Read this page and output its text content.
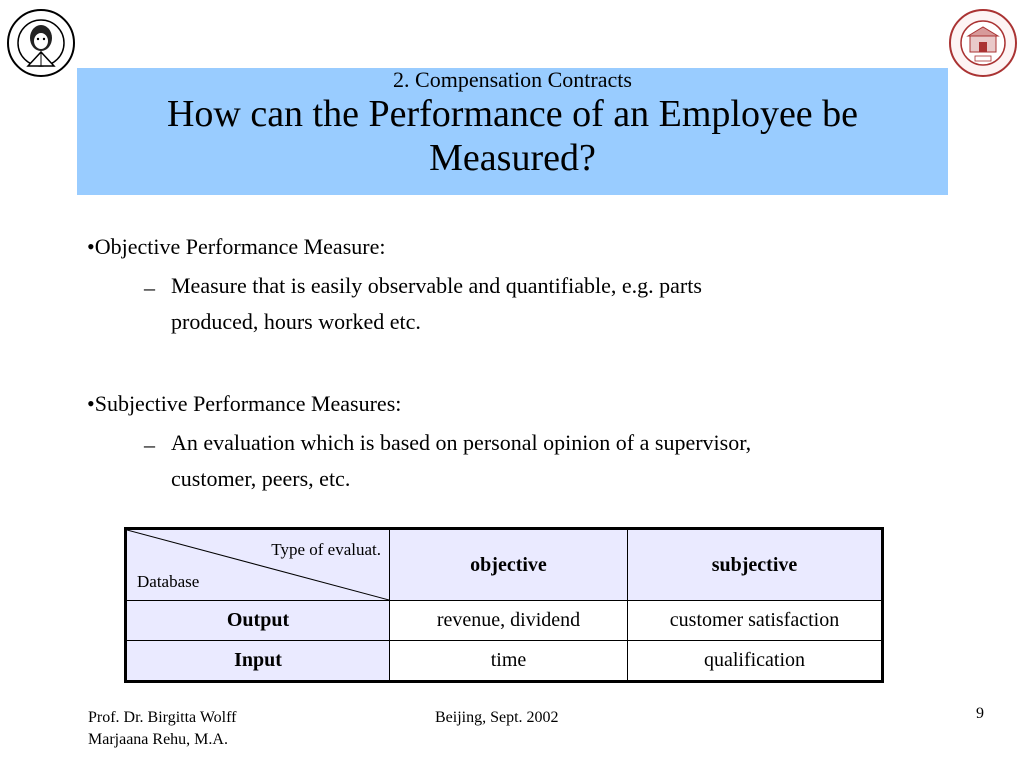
2. Compensation Contracts
How can the Performance of an Employee be
Measured?
•Objective Performance Measure:
– Measure that is easily observable and quantifiable, e.g. parts
produced, hours worked etc.
•Subjective Performance Measures:
– An evaluation which is based on personal opinion of a supervisor,
customer, peers, etc.
Type of evaluat.
Database	objective	subjective
Output	revenue, dividend	customer satisfaction
Input	time	qualification
Prof. Dr. Birgitta Wolff
Marjaana Rehu, M.A.
Beijing, Sept. 2002	9
